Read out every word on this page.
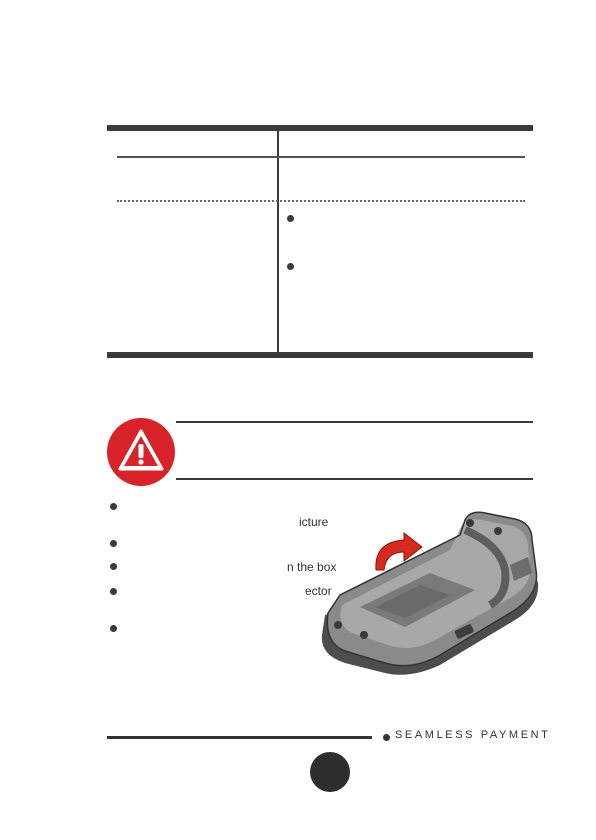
icture
n the box
ector
SEAMLESS PAYMENT
